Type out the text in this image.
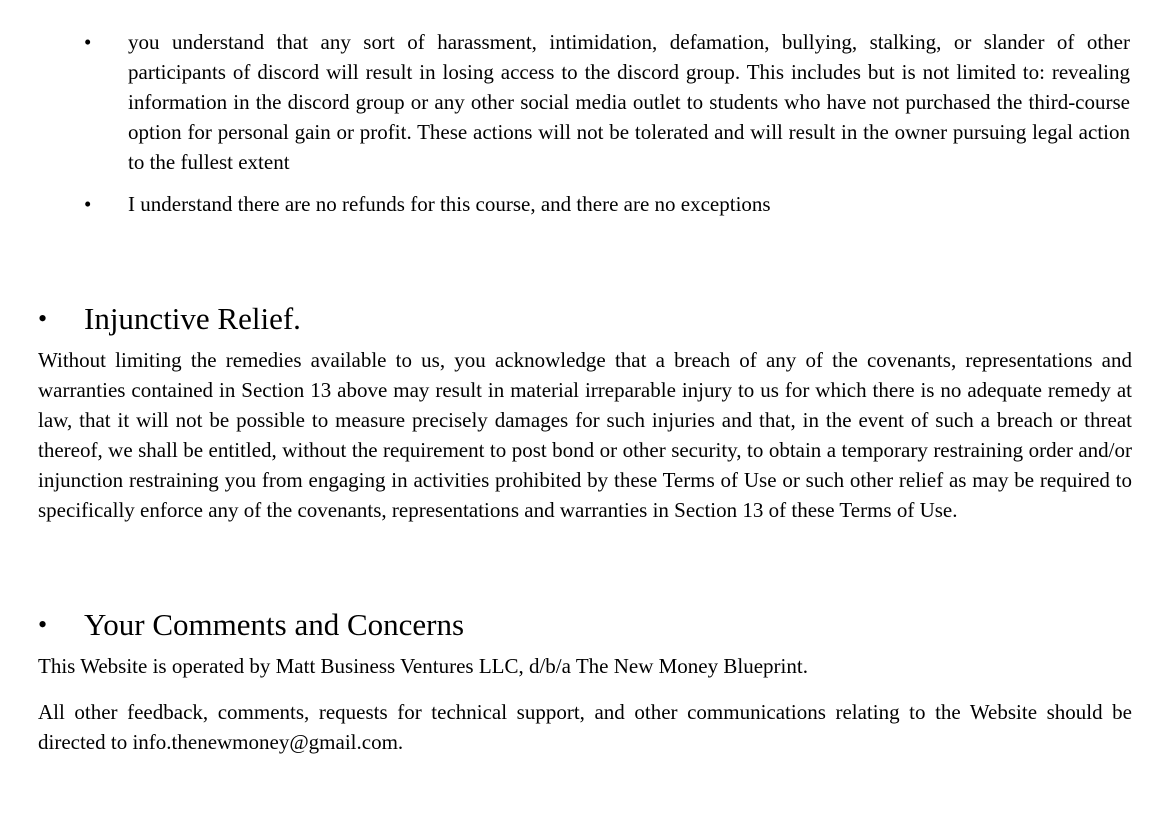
• you understand that any sort of harassment, intimidation, defamation, bullying, stalking, or slander of other participants of discord will result in losing access to the discord group. This includes but is not limited to: revealing information in the discord group or any other social media outlet to students who have not purchased the third-course option for personal gain or profit. These actions will not be tolerated and will result in the owner pursuing legal action to the fullest extent
• I understand there are no refunds for this course, and there are no exceptions
• Injunctive Relief.

Without limiting the remedies available to us, you acknowledge that a breach of any of the covenants, representations and warranties contained in Section 13 above may result in material irreparable injury to us for which there is no adequate remedy at law, that it will not be possible to measure precisely damages for such injuries and that, in the event of such a breach or threat thereof, we shall be entitled, without the requirement to post bond or other security, to obtain a temporary restraining order and/or injunction restraining you from engaging in activities prohibited by these Terms of Use or such other relief as may be required to specifically enforce any of the covenants, representations and warranties in Section 13 of these Terms of Use.

• Your Comments and Concerns

This Website is operated by Matt Business Ventures LLC, d/b/a The New Money Blueprint.

All other feedback, comments, requests for technical support, and other communications relating to the Website should be directed to info.thenewmoney@gmail.com.
